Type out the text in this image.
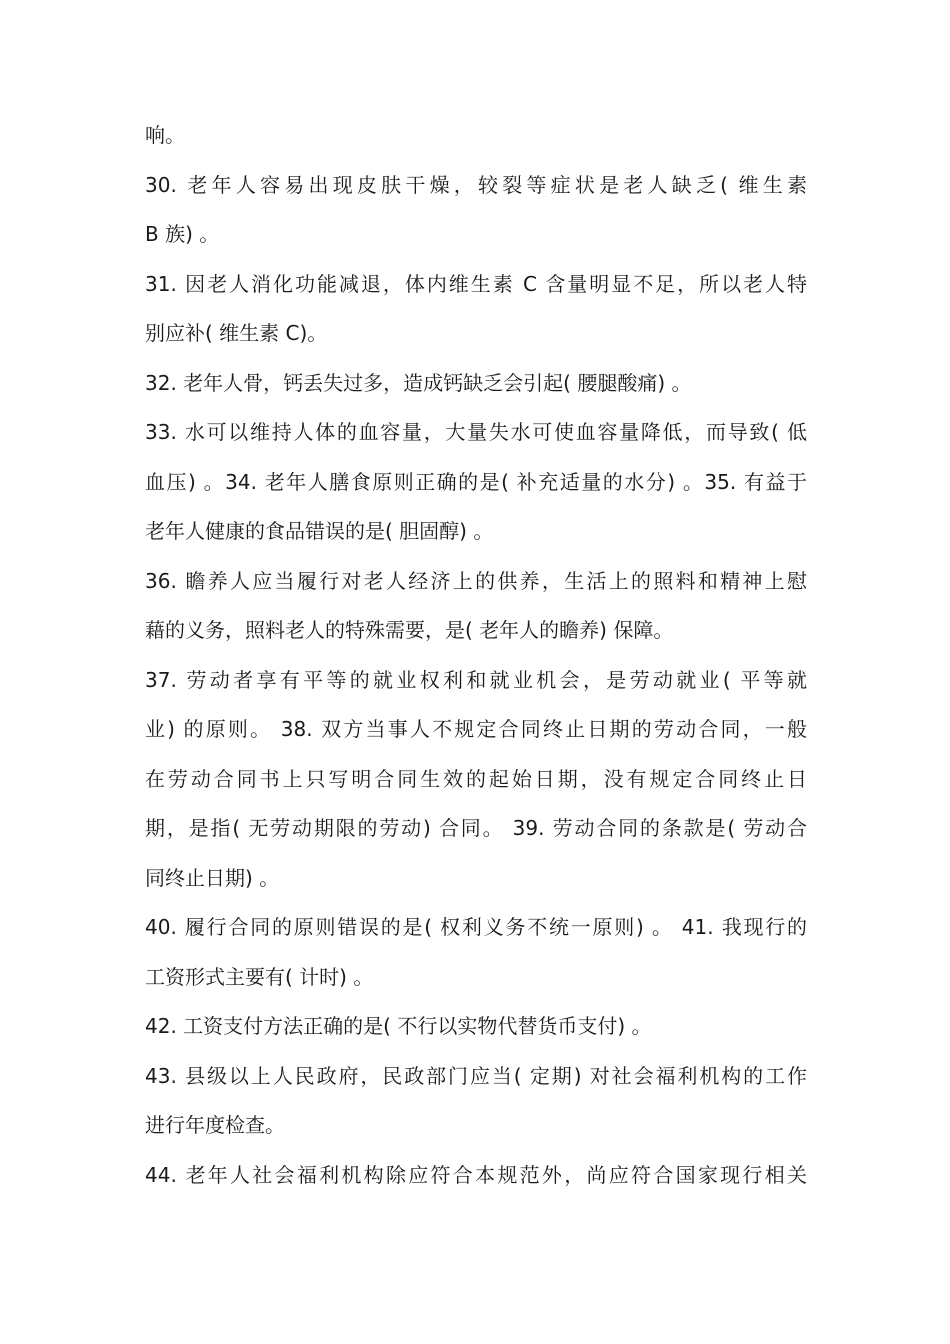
响。
30. 老年人容易出现皮肤干燥，较裂等症状是老人缺乏( 维生素
B 族) 。
31. 因老人消化功能减退，体内维生素 C 含量明显不足，所以老人特
别应补( 维生素 C)。
32. 老年人骨，钙丢失过多，造成钙缺乏会引起( 腰腿酸痛) 。
33. 水可以维持人体的血容量，大量失水可使血容量降低，而导致( 低
血压) 。34. 老年人膳食原则正确的是( 补充适量的水分) 。35. 有益于
老年人健康的食品错误的是( 胆固醇) 。
36. 瞻养人应当履行对老人经济上的供养，生活上的照料和精神上慰
藉的义务，照料老人的特殊需要，是( 老年人的瞻养) 保障。
37. 劳动者享有平等的就业权利和就业机会，是劳动就业( 平等就
业) 的原则。 38. 双方当事人不规定合同终止日期的劳动合同，一般
在劳动合同书上只写明合同生效的起始日期，没有规定合同终止日
期，是指( 无劳动期限的劳动) 合同。 39. 劳动合同的条款是( 劳动合
同终止日期) 。
40. 履行合同的原则错误的是( 权利义务不统一原则) 。 41. 我现行的
工资形式主要有( 计时) 。
42. 工资支付方法正确的是( 不行以实物代替货币支付) 。
43. 县级以上人民政府，民政部门应当( 定期) 对社会福利机构的工作
进行年度检查。
44. 老年人社会福利机构除应符合本规范外，尚应符合国家现行相关
